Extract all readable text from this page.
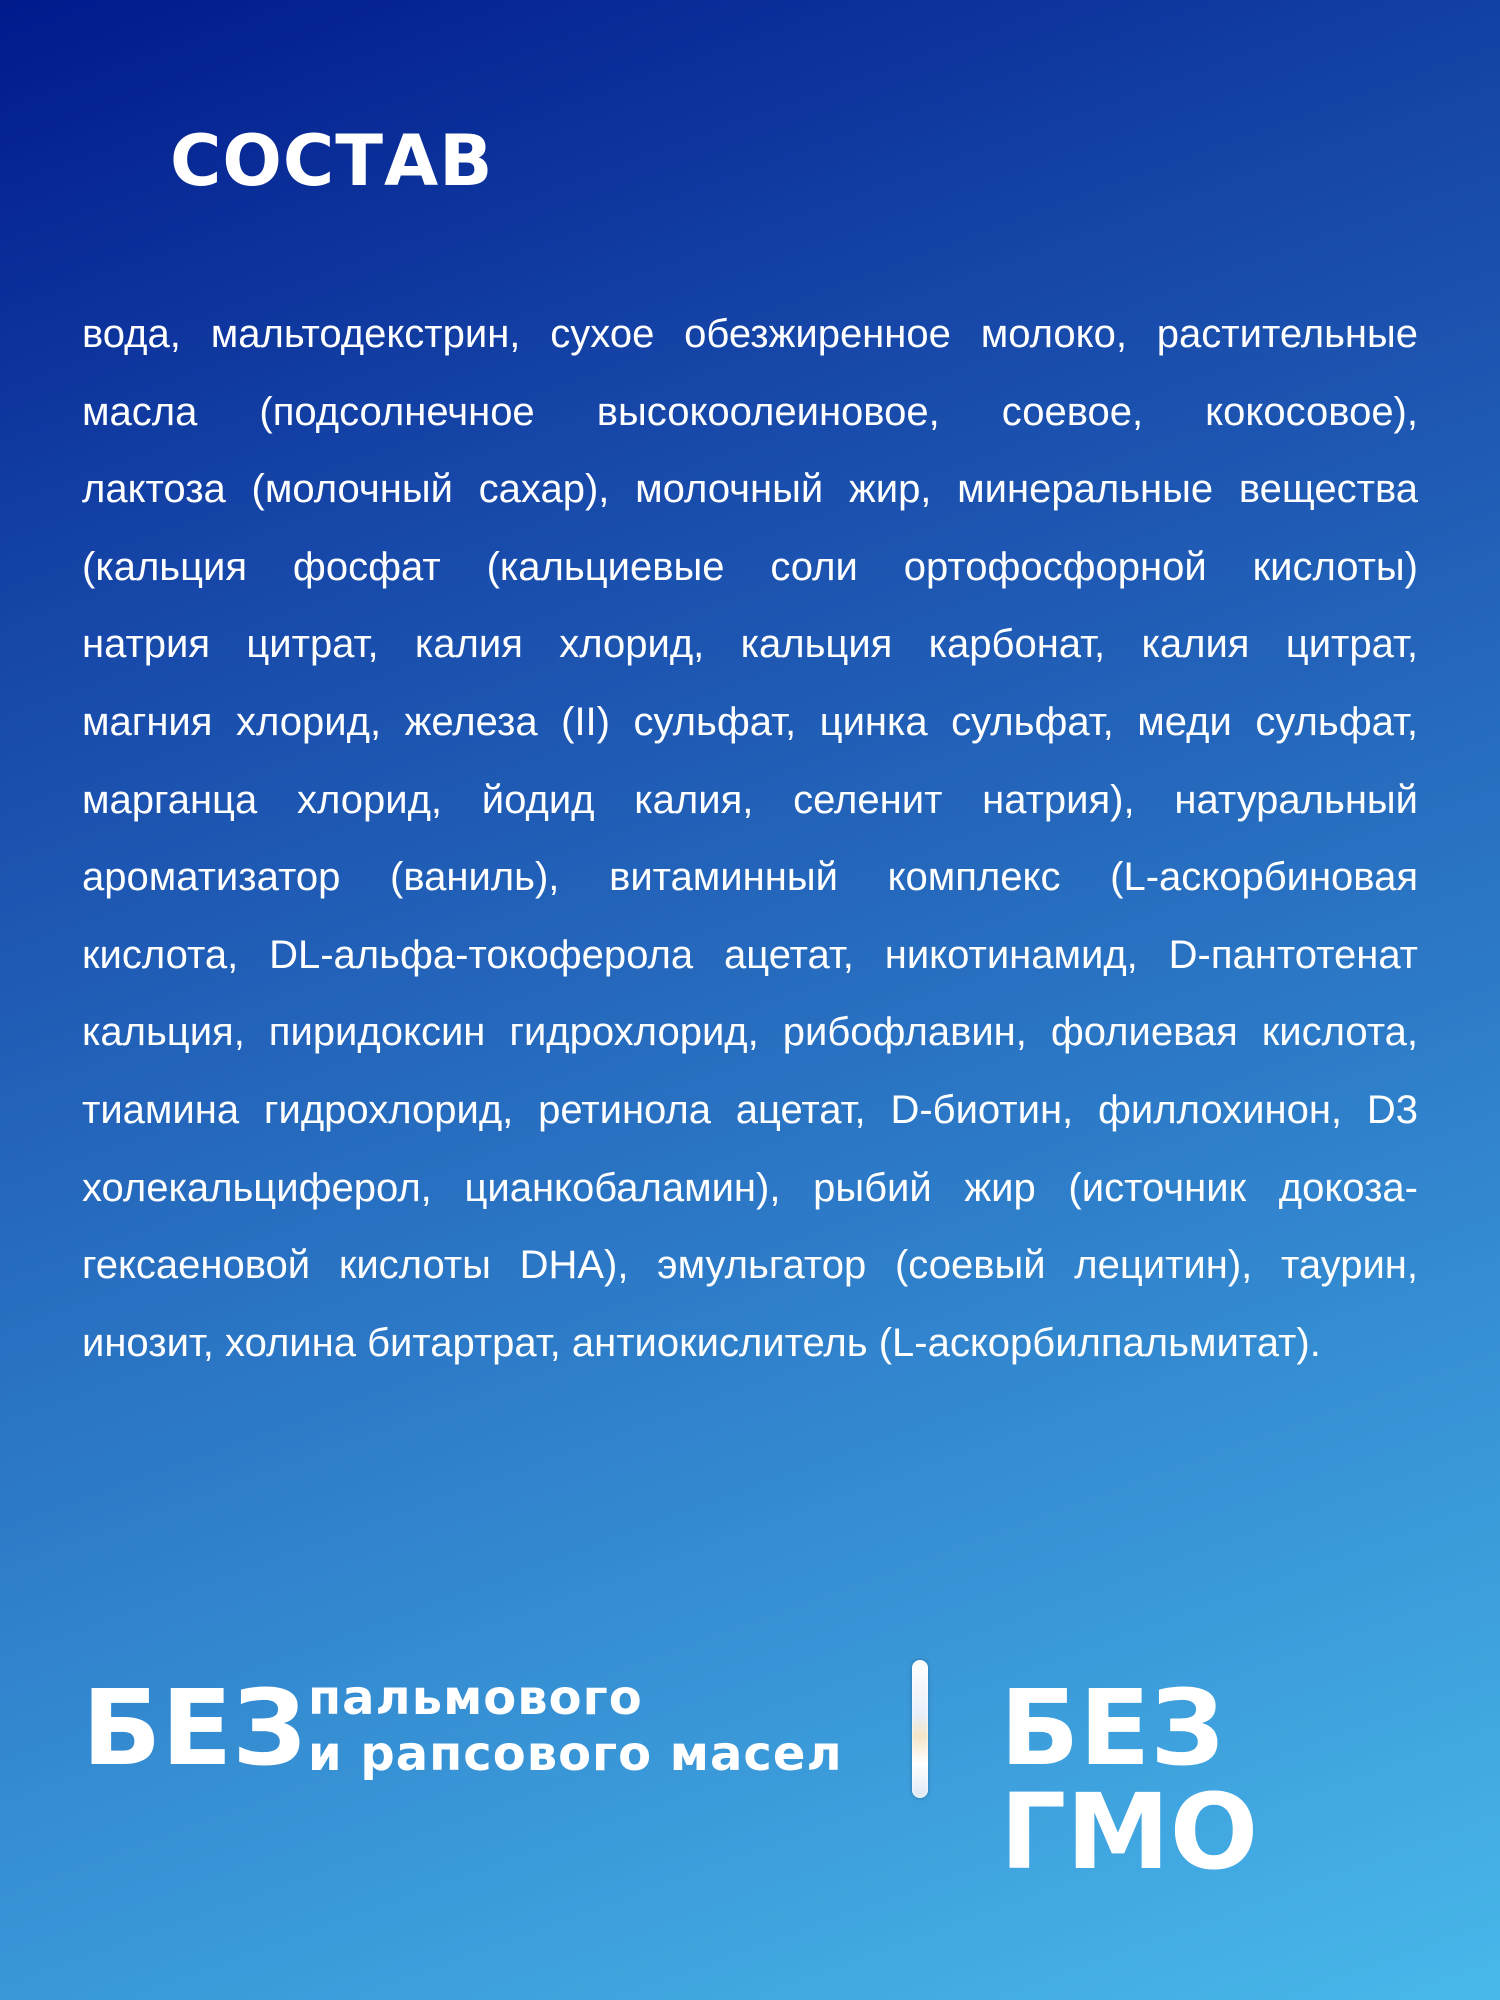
СОСТАВ
вода, мальтодекстрин, сухое обезжиренное молоко, растительные
масла (подсолнечное высокоолеиновое, соевое, кокосовое),
лактоза (молочный сахар), молочный жир, минеральные вещества
(кальция фосфат (кальциевые соли ортофосфорной кислоты)
натрия цитрат, калия хлорид, кальция карбонат, калия цитрат,
магния хлорид, железа (II) сульфат, цинка сульфат, меди сульфат,
марганца хлорид, йодид калия, селенит натрия), натуральный
ароматизатор (ваниль), витаминный комплекс (L-аскорбиновая
кислота, DL-альфа-токоферола ацетат, никотинамид, D-пантотенат
кальция, пиридоксин гидрохлорид, рибофлавин, фолиевая кислота,
тиамина гидрохлорид, ретинола ацетат, D-биотин, филлохинон, D3
холекальциферол, цианкобаламин), рыбий жир (источник докоза-
гексаеновой кислоты DHA), эмульгатор (соевый лецитин), таурин,
инозит, холина битартрат, антиокислитель (L-аскорбилпальмитат).
БЕЗ пальмового
и рапсового масел БЕЗ ГМО
